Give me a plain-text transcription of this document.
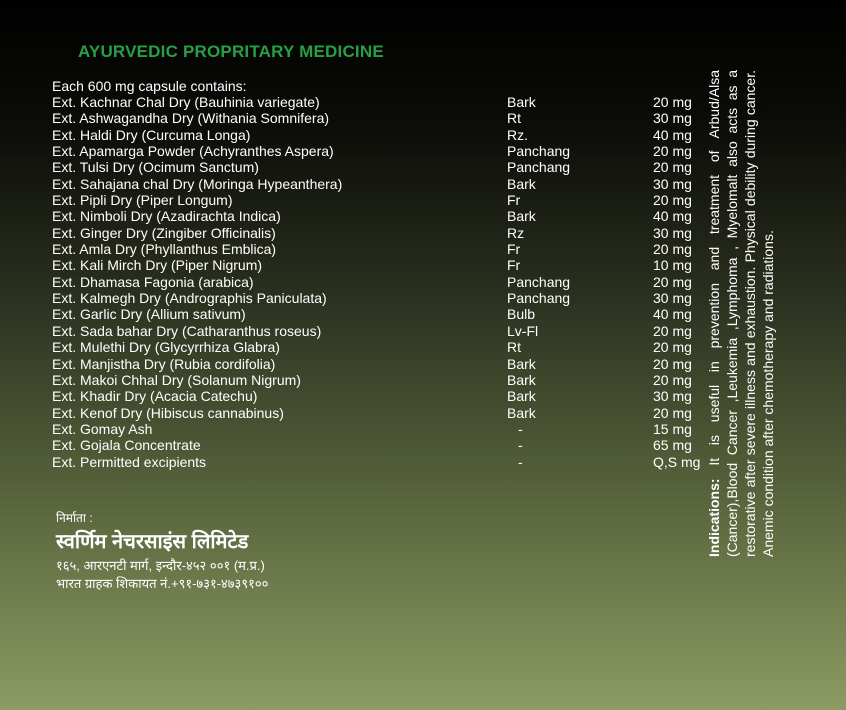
AYURVEDIC PROPRITARY MEDICINE
Each 600 mg capsule contains:
Ext. Kachnar Chal Dry (Bauhinia variegate)	Bark	20 mg
Ext. Ashwagandha Dry (Withania Somnifera)	Rt	30 mg
Ext. Haldi Dry (Curcuma Longa)	Rz.	40 mg
Ext. Apamarga Powder (Achyranthes Aspera)	Panchang	20 mg
Ext. Tulsi Dry (Ocimum Sanctum)	Panchang	20 mg
Ext. Sahajana chal Dry (Moringa Hypeanthera)	Bark	30 mg
Ext. Pipli Dry (Piper Longum)	Fr	20 mg
Ext. Nimboli Dry (Azadirachta Indica)	Bark	40 mg
Ext. Ginger Dry (Zingiber Officinalis)	Rz	30 mg
Ext. Amla Dry (Phyllanthus Emblica)	Fr	20 mg
Ext. Kali Mirch Dry (Piper Nigrum)	Fr	10 mg
Ext. Dhamasa Fagonia (arabica)	Panchang	20 mg
Ext. Kalmegh Dry (Andrographis Paniculata)	Panchang	30 mg
Ext. Garlic Dry (Allium sativum)	Bulb	40 mg
Ext. Sada bahar Dry (Catharanthus roseus)	Lv-Fl	20 mg
Ext. Mulethi Dry (Glycyrrhiza Glabra)	Rt	20 mg
Ext. Manjistha Dry (Rubia cordifolia)	Bark	20 mg
Ext. Makoi Chhal Dry (Solanum Nigrum)	Bark	20 mg
Ext. Khadir Dry (Acacia Catechu)	Bark	30 mg
Ext. Kenof Dry (Hibiscus cannabinus)	Bark	20 mg
Ext. Gomay Ash	-	15 mg
Ext. Gojala Concentrate	-	65 mg
Ext. Permitted excipients	-	Q,S mg
निर्माता :
स्वर्णिम नेचरसाइंस लिमिटेड
१६५, आरएनटी मार्ग, इन्दौर-४५२ ००१ (म.प्र.)
भारत ग्राहक शिकायत नं.+९१-७३१-४७३९१००
Indications: It is useful in prevention and treatment of Arbud/Alsa (Cancer),Blood Cancer ,Leukemia ,Lymphoma , Myelomalt also acts as a restorative after severe illness and exhaustion. Physical debility during cancer. Anemic condition after chemotherapy and radiations.
